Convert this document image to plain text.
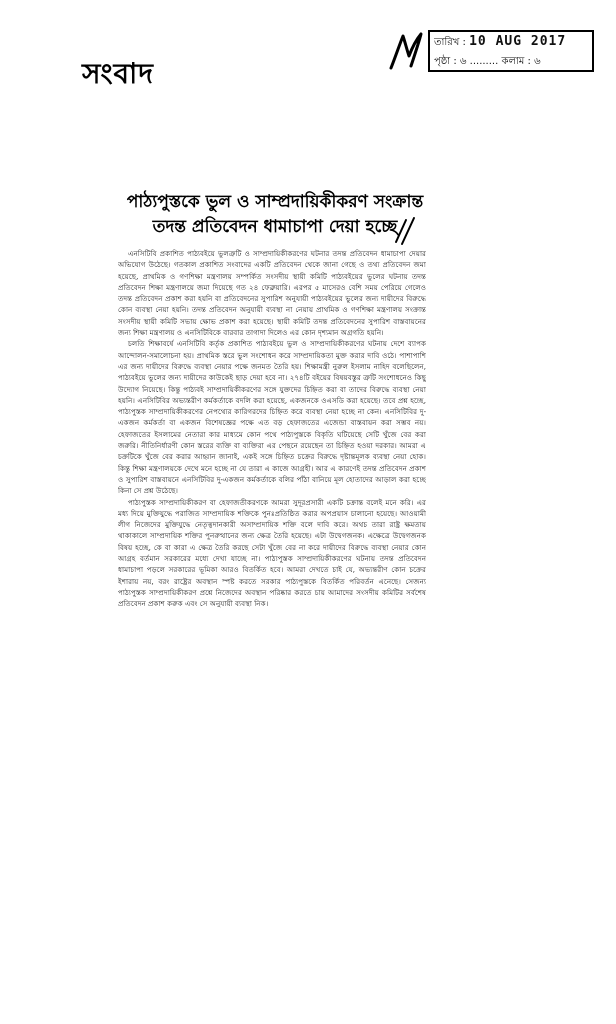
সংবাদ
তারিখ : 10 AUG 2017
পৃষ্ঠা : ৬ ......... কলাম : ৬
পাঠ্যপুস্তকে ভুল ও সাম্প্রদায়িকীকরণ সংক্রান্ত
তদন্ত প্রতিবেদন ধামাচাপা দেয়া হচ্ছে

এনসিটিবি প্রকাশিত পাঠ্যবইয়ে ভুলত্রুটি ও সাম্প্রদায়িকীকরণের ঘটনার তদন্ত প্রতিবেদন ধামাচাপা দেয়ার অভিযোগ উঠেছে। গতকাল প্রকাশিত সংবাদের একটি প্রতিবেদন থেকে জানা গেছে ও তথ্য প্রতিবেদন জমা হয়েছে, প্রাথমিক ও গণশিক্ষা মন্ত্রণালয় সম্পর্কিত সংসদীয় স্থায়ী কমিটি পাঠ্যবইয়ের ভুলের ঘটনায় তদন্ত প্রতিবেদন শিক্ষা মন্ত্রণালয়ে জমা দিয়েছে গত ২৪ ফেব্রুয়ারি। এরপর ৫ মাসেরও বেশি সময় পেরিয়ে গেলেও তদন্ত প্রতিবেদন প্রকাশ করা হয়নি বা প্রতিবেদনের সুপারিশ অনুযায়ী পাঠ্যবইয়ের ভুলের জন্য দায়ীদের বিরুদ্ধে কোন ব্যবস্থা নেয়া হয়নি। তদন্ত প্রতিবেদন অনুযায়ী ব্যবস্থা না নেয়ায় প্রাথমিক ও গণশিক্ষা মন্ত্রণালয় সংক্রান্ত সংসদীয় স্থায়ী কমিটি সভায় ক্ষোভ প্রকাশ করা হয়েছে। স্থায়ী কমিটি তদন্ত প্রতিবেদনের সুপারিশ বাস্তবায়নের জন্য শিক্ষা মন্ত্রণালয় ও এনসিটিবিকে বারবার তাগাদা দিলেও এর কোন দৃশ্যমান অগ্রগতি হয়নি।

চলতি শিক্ষাবর্ষে এনসিটিবি কর্তৃক প্রকাশিত পাঠ্যবইয়ে ভুল ও সাম্প্রদায়িকীকরণের ঘটনায় দেশে ব্যাপক আন্দোলন-সমালোচনা হয়। প্রাথমিক স্তরে ভুল সংশোধন করে সাম্প্রদায়িকতা মুক্ত করার দাবি ওঠে। পাশাপাশি এর জন্য দায়ীদের বিরুদ্ধে ব্যবস্থা নেয়ার পক্ষে জনমত তৈরি হয়। শিক্ষামন্ত্রী নুরুল ইসলাম নাহিদ বলেছিলেন, পাঠ্যবইয়ে ভুলের জন্য দায়ীদের কাউকেই ছাড় দেয়া হবে না। ২৭৪টি বইয়ের বিষয়বস্তুর ত্রুটি সংশোধনেও কিছু উদ্যোগ নিয়েছে। কিন্তু পাঠ্যবই সাম্প্রদায়িকীকরণের সঙ্গে যুক্তদের চিহ্নিত করা বা তাদের বিরুদ্ধে ব্যবস্থা নেয়া হয়নি। এনসিটিবির অভ্যন্তরীণ কর্মকর্তাকে বদলি করা হয়েছে, একজনকে ওএসডি করা হয়েছে। তবে প্রশ্ন হচ্ছে, পাঠ্যপুস্তক সাম্প্রদায়িকীকরণের নেপথ্যের কারিগরদের চিহ্নিত করে ব্যবস্থা নেয়া হচ্ছে না কেন। এনসিটিবির দু-একজন কর্মকর্তা বা একজন বিশেষজ্ঞের পক্ষে এত বড় হেফাজতের এজেন্ডা বাস্তবায়ন করা সম্ভব নয়। হেফাজতের ইসলামের নেতারা কার মাধ্যমে কোন পথে পাঠ্যপুস্তকে বিকৃতি ঘটিয়েছে সেটি খুঁজে বের করা জরুরি। নীতিনির্ধারণী কোন স্তরের ব্যক্তি বা ব্যক্তিরা এর পেছনে রয়েছেন তা চিহ্নিত হওয়া দরকার। আমরা এ চক্রটিকে খুঁজে বের করার আহ্বান জানাই, একই সঙ্গে চিহ্নিত চক্রের বিরুদ্ধে দৃষ্টান্তমূলক ব্যবস্থা নেয়া হোক। কিন্তু শিক্ষা মন্ত্রণালয়কে দেখে মনে হচ্ছে না যে তারা এ কাজে আগ্রহী। আর এ কারণেই তদন্ত প্রতিবেদন প্রকাশ ও সুপারিশ বাস্তবায়নে এনসিটিবির দু-একজন কর্মকর্তাকে বলির পাঁঠা বানিয়ে মূল হোতাদের আড়াল করা হচ্ছে কিনা সে প্রশ্ন উঠেছে।

পাঠ্যপুস্তক সাম্প্রদায়িকীকরণ বা হেফাজতীকরণকে আমরা সুদূরপ্রসারী একটি চক্রান্ত বলেই মনে করি। এর মধ্য দিয়ে মুক্তিযুদ্ধে পরাজিত সাম্প্রদায়িক শক্তিকে পুনঃপ্রতিষ্ঠিত করার অপপ্রয়াস চালানো হয়েছে। আওয়ামী লীগ নিজেদের মুক্তিযুদ্ধে নেতৃত্বদানকারী অসাম্প্রদায়িক শক্তি বলে দাবি করে। অথচ তারা রাষ্ট্র ক্ষমতায় থাকাকালে সাম্প্রদায়িক শক্তির পুনরুত্থানের জন্য ক্ষেত্র তৈরি হয়েছে। এটা উদ্বেগজনক। এক্ষেত্রে উদ্বেগজনক বিষয় হচ্ছে, কে বা কারা এ ক্ষেত্র তৈরি করছে সেটা খুঁজে বের না করে দায়ীদের বিরুদ্ধে ব্যবস্থা নেয়ার কোন আগ্রহ বর্তমান সরকারের মধ্যে দেখা যাচ্ছে না। পাঠ্যপুস্তক সাম্প্রদায়িকীকরণের ঘটনায় তদন্ত প্রতিবেদন ধামাচাপা পড়লে সরকারের ভূমিকা আরও বিতর্কিত হবে। আমরা দেখতে চাই যে, অভ্যন্তরীণ কোন চক্রের ইশারায় নয়, বরং রাষ্ট্রের অবস্থান স্পষ্ট করতে সরকার পাঠ্যপুস্তকে বিতর্কিত পরিবর্তন এনেছে। সেজন্য পাঠ্যপুস্তক সাম্প্রদায়িকীকরণ প্রশ্নে নিজেদের অবস্থান পরিষ্কার করতে চায় আমাদের সংসদীয় কমিটির সর্বশেষ প্রতিবেদন প্রকাশ করুক এবং সে অনুযায়ী ব্যবস্থা নিক।
